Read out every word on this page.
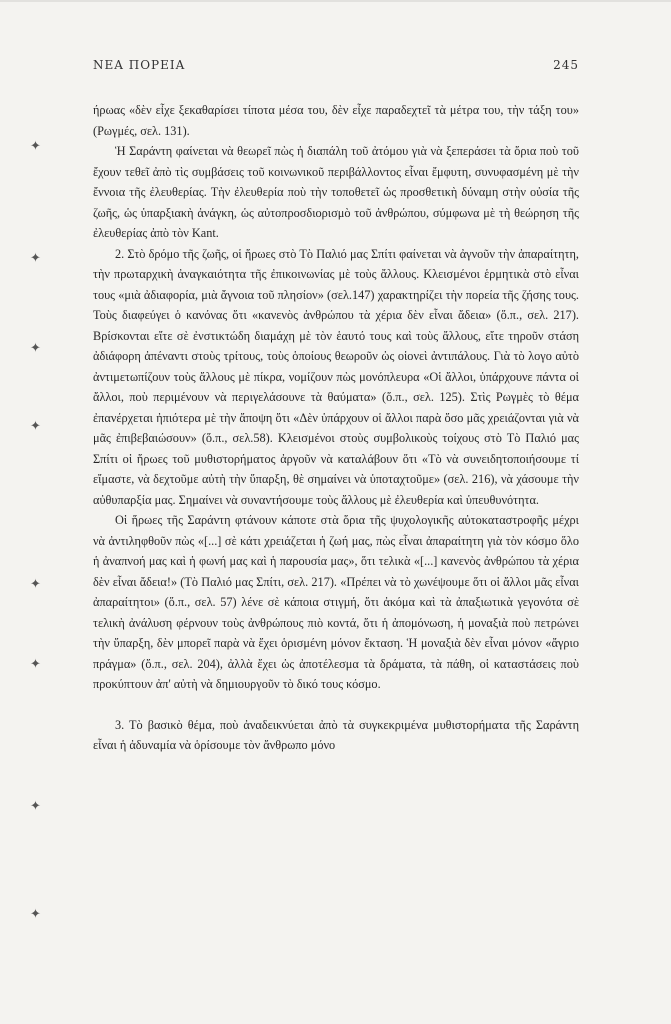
ΝΕΑ ΠΟΡΕΙΑ	245
✦
✦
✦
✦
✦
✦
✦
✦

ήρωας «δὲν εἶχε ξεκαθαρίσει τίποτα μέσα του, δὲν εἶχε παραδεχτεῖ τὰ μέτρα του, τὴν τάξη του» (Ρωγμές, σελ. 131).

Ἡ Σαράντη φαίνεται νὰ θεωρεῖ πὼς ἡ διαπάλη τοῦ ἀτόμου γιὰ νὰ ξεπεράσει τὰ ὅρια ποὺ τοῦ ἔχουν τεθεῖ ἀπὸ τὶς συμβάσεις τοῦ κοινωνικοῦ περιβάλλοντος εἶναι ἔμφυτη, συνυφασμένη μὲ τὴν ἔννοια τῆς ἐλευθερίας. Τὴν ἐλευθερία ποὺ τὴν τοποθετεῖ ὡς προσθετικὴ δύναμη στὴν οὐσία τῆς ζωῆς, ὡς ὑπαρξιακὴ ἀνάγκη, ὡς αὐτοπροσδιορισμὸ τοῦ ἀνθρώπου, σύμφωνα μὲ τὴ θεώρηση τῆς ἐλευθερίας ἀπὸ τὸν Kant.

2. Στὸ δρόμο τῆς ζωῆς, οἱ ἥρωες στὸ Τὸ Παλιό μας Σπίτι φαίνεται νὰ ἀγνοῦν τὴν ἀπαραίτητη, τὴν πρωταρχικὴ ἀναγκαιότητα τῆς ἐπικοινωνίας μὲ τοὺς ἄλλους. Κλεισμένοι ἑρμητικὰ στὸ εἶναι τους «μιὰ ἀδιαφορία, μιὰ ἄγνοια τοῦ πλησίον» (σελ.147) χαρακτηρίζει τὴν πορεία τῆς ζήσης τους. Τοὺς διαφεύγει ὁ κανόνας ὅτι «κανενὸς ἀνθρώπου τὰ χέρια δὲν εἶναι ἄδεια» (ὅ.π., σελ. 217). Βρίσκονται εἴτε σὲ ἐνστικτώδη διαμάχη μὲ τὸν ἑαυτό τους καὶ τοὺς ἄλλους, εἴτε τηροῦν στάση ἀδιάφορη ἀπέναντι στοὺς τρίτους, τοὺς ὁποίους θεωροῦν ὡς οἱονεὶ ἀντιπάλους. Γιὰ τὸ λογο αὐτὸ ἀντιμετωπίζουν τοὺς ἄλλους μὲ πίκρα, νομίζουν πὼς μονόπλευρα «Οἱ ἄλλοι, ὑπάρχουνε πάντα οἱ ἄλλοι, ποὺ περιμένουν νὰ περιγελάσουνε τὰ θαύματα» (ὅ.π., σελ. 125). Στὶς Ρωγμὲς τὸ θέμα ἐπανέρχεται ἠπιότερα μὲ τὴν ἄποψη ὅτι «Δὲν ὑπάρχουν οἱ ἄλλοι παρὰ ὅσο μᾶς χρειάζονται γιὰ νὰ μᾶς ἐπιβεβαιώσουν» (ὅ.π., σελ.58). Κλεισμένοι στοὺς συμβολικοὺς τοίχους στὸ Τὸ Παλιό μας Σπίτι οἱ ἥρωες τοῦ μυθιστορήματος ἀργοῦν νὰ καταλάβουν ὅτι «Τὸ νὰ συνειδητοποιήσουμε τί εἴμαστε, νὰ δεχτοῦμε αὐτὴ τὴν ὕπαρξη, θὲ σημαίνει νὰ ὑποταχτοῦμε» (σελ. 216), νὰ χάσουμε τὴν αὐθυπαρξία μας. Σημαίνει νὰ συναντήσουμε τοὺς ἄλλους μὲ ἐλευθερία καὶ ὑπευθυνότητα.

Οἱ ἥρωες τῆς Σαράντη φτάνουν κάποτε στὰ ὅρια τῆς ψυχολογικῆς αὐτοκαταστροφῆς μέχρι νὰ ἀντιληφθοῦν πὼς «[...] σὲ κάτι χρειάζεται ἡ ζωή μας, πὼς εἶναι ἀπαραίτητη γιὰ τὸν κόσμο ὅλο ἡ ἀναπνοή μας καὶ ἡ φωνή μας καὶ ἡ παρουσία μας», ὅτι τελικὰ «[...] κανενὸς ἀνθρώπου τὰ χέρια δὲν εἶναι ἄδεια!» (Τὸ Παλιό μας Σπίτι, σελ. 217). «Πρέπει νὰ τὸ χωνέψουμε ὅτι οἱ ἄλλοι μᾶς εἶναι ἀπαραίτητοι» (ὅ.π., σελ. 57) λένε σὲ κάποια στιγμή, ὅτι ἀκόμα καὶ τὰ ἀπαξιωτικὰ γεγονότα σὲ τελικὴ ἀνάλυση φέρνουν τοὺς ἀνθρώπους πιὸ κοντά, ὅτι ἡ ἀπομόνωση, ἡ μοναξιὰ ποὺ πετρώνει τὴν ὕπαρξη, δὲν μπορεῖ παρὰ νὰ ἔχει ὁρισμένη μόνον ἔκταση. Ἡ μοναξιὰ δὲν εἶναι μόνον «ἄγριο πράγμα» (ὅ.π., σελ. 204), ἀλλὰ ἔχει ὡς ἀποτέλεσμα τὰ δράματα, τὰ πάθη, οἱ καταστάσεις ποὺ προκύπτουν ἀπ' αὐτὴ νὰ δημιουργοῦν τὸ δικό τους κόσμο.

3. Τὸ βασικὸ θέμα, ποὺ ἀναδεικνύεται ἀπὸ τὰ συγκεκριμένα μυθιστορήματα τῆς Σαράντη εἶναι ἡ ἀδυναμία νὰ ὁρίσουμε τὸν ἄνθρωπο μόνο
